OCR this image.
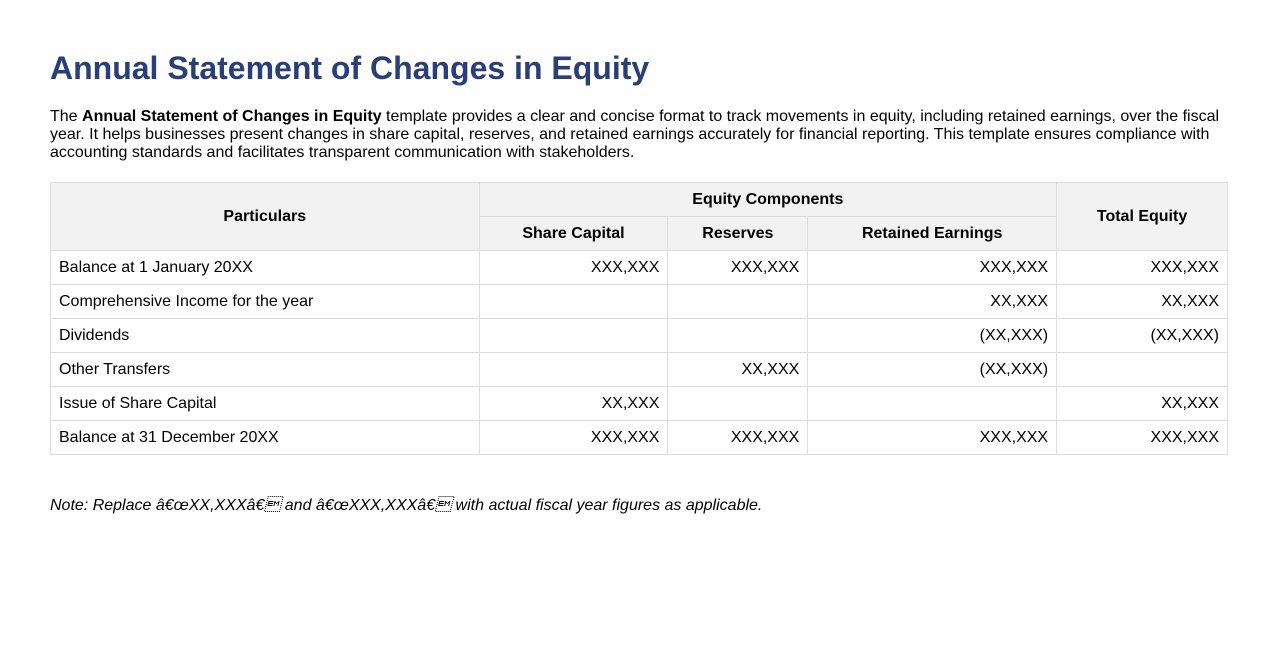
Annual Statement of Changes in Equity

The Annual Statement of Changes in Equity template provides a clear and concise format to track movements in equity, including retained earnings, over the fiscal year. It helps businesses present changes in share capital, reserves, and retained earnings accurately for financial reporting. This template ensures compliance with accounting standards and facilitates transparent communication with stakeholders.

Particulars	Equity Components			Total Equity
	Share Capital	Reserves	Retained Earnings	
Balance at 1 January 20XX	XXX,XXX	XXX,XXX	XXX,XXX	XXX,XXX
Comprehensive Income for the year			XX,XXX	XX,XXX
Dividends			(XX,XXX)	(XX,XXX)
Other Transfers		XX,XXX	(XX,XXX)	
Issue of Share Capital	XX,XXX			XX,XXX
Balance at 31 December 20XX	XXX,XXX	XXX,XXX	XXX,XXX	XXX,XXX

Note: Replace â€œXX,XXXâ€ and â€œXXX,XXXâ€ with actual fiscal year figures as applicable.
